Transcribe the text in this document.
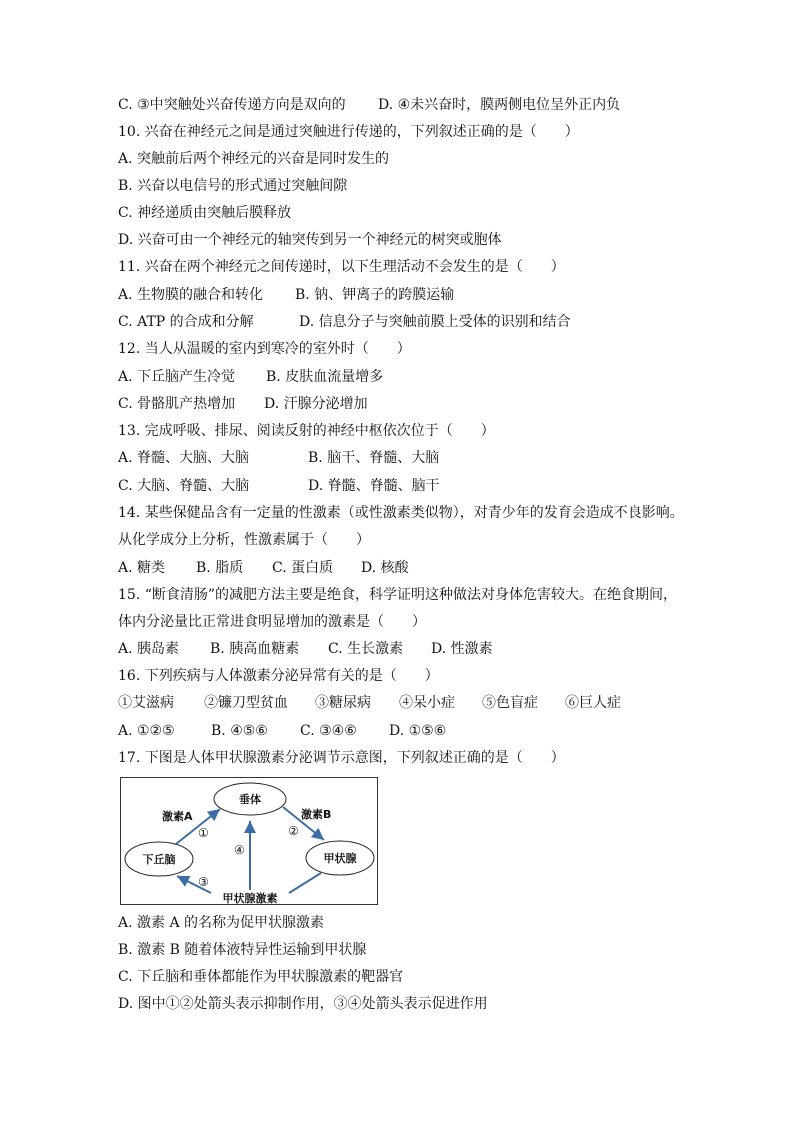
C. ③中突触处兴奋传递方向是双向的 D. ④未兴奋时，膜两侧电位呈外正内负
10. 兴奋在神经元之间是通过突触进行传递的，下列叙述正确的是（　　）
A. 突触前后两个神经元的兴奋是同时发生的
B. 兴奋以电信号的形式通过突触间隙
C. 神经递质由突触后膜释放
D. 兴奋可由一个神经元的轴突传到另一个神经元的树突或胞体
11. 兴奋在两个神经元之间传递时，以下生理活动不会发生的是（　　）
A. 生物膜的融合和转化 B. 钠、钾离子的跨膜运输
C. ATP 的合成和分解	D. 信息分子与突触前膜上受体的识别和结合
12. 当人从温暖的室内到寒冷的室外时（　　）
A. 下丘脑产生冷觉 B. 皮肤血流量增多
C. 骨骼肌产热增加 D. 汗腺分泌增加
13. 完成呼吸、排尿、阅读反射的神经中枢依次位于（　　）
A. 脊髓、大脑、大脑	B. 脑干、脊髓、大脑
C. 大脑、脊髓、大脑	D. 脊髓、脊髓、脑干
14. 某些保健品含有一定量的性激素（或性激素类似物），对青少年的发育会造成不良影响。
从化学成分上分析，性激素属于（　　）
A. 糖类 B. 脂质 C. 蛋白质 D. 核酸
15. “断食清肠”的减肥方法主要是绝食，科学证明这种做法对身体危害较大。在绝食期间，
体内分泌量比正常进食明显增加的激素是（　　）
A. 胰岛素 B. 胰高血糖素 C. 生长激素 D. 性激素
16. 下列疾病与人体激素分泌异常有关的是（　　）
①艾滋病 ②镰刀型贫血 ③糖尿病 ④呆小症 ⑤色盲症 ⑥巨人症
A. ①②⑤	B. ④⑤⑥ C. ③④⑥ D. ①⑤⑥
17. 下图是人体甲状腺激素分泌调节示意图，下列叙述正确的是（　　）
垂体
下丘脑	甲状腺
激素A	激素B
甲状腺激素
①	②
③
④
A. 激素 A 的名称为促甲状腺激素
B. 激素 B 随着体液特异性运输到甲状腺
C. 下丘脑和垂体都能作为甲状腺激素的靶器官
D. 图中①②处箭头表示抑制作用，③④处箭头表示促进作用
